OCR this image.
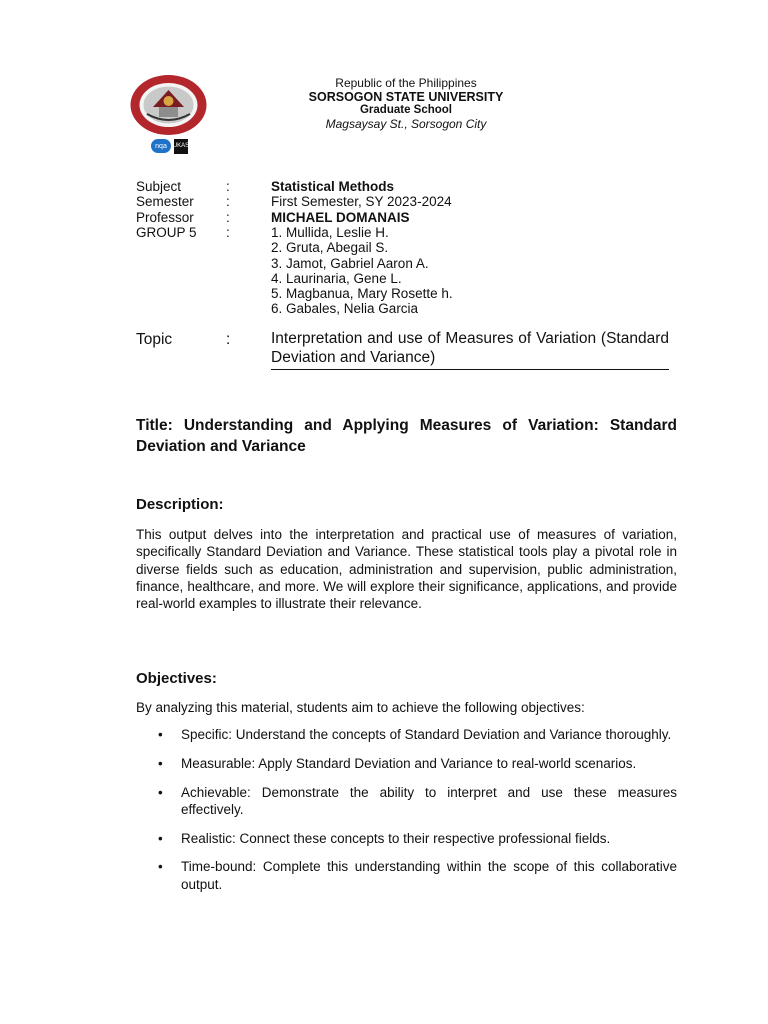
nqa UKAS
Republic of the Philippines
SORSOGON STATE UNIVERSITY
Graduate School
Magsaysay St., Sorsogon City
Subject	:	Statistical Methods
Semester	:	First Semester, SY 2023-2024
Professor	:	MICHAEL DOMANAIS
GROUP 5	:	1. Mullida, Leslie H.
2. Gruta, Abegail S.
3. Jamot, Gabriel Aaron A.
4. Laurinaria, Gene L.
5. Magbanua, Mary Rosette h.
6. Gabales, Nelia Garcia
Topic	:	Interpretation and use of Measures of Variation (Standard Deviation and Variance)
Title: Understanding and Applying Measures of Variation: Standard Deviation and Variance
Description:
This output delves into the interpretation and practical use of measures of variation, specifically Standard Deviation and Variance. These statistical tools play a pivotal role in diverse fields such as education, administration and supervision, public administration, finance, healthcare, and more. We will explore their significance, applications, and provide real-world examples to illustrate their relevance.
Objectives:
By analyzing this material, students aim to achieve the following objectives:
• Specific: Understand the concepts of Standard Deviation and Variance thoroughly.
• Measurable: Apply Standard Deviation and Variance to real-world scenarios.
• Achievable: Demonstrate the ability to interpret and use these measures effectively.
• Realistic: Connect these concepts to their respective professional fields.
• Time-bound: Complete this understanding within the scope of this collaborative output.
